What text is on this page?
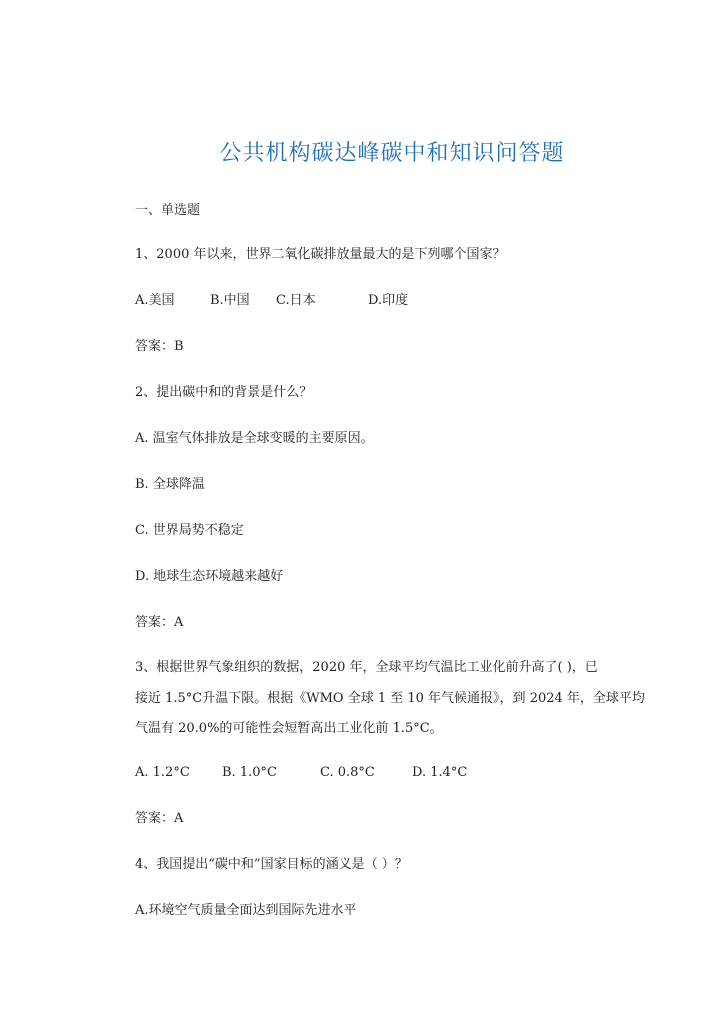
公共机构碳达峰碳中和知识问答题
一、单选题
1、2000 年以来，世界二氧化碳排放量最大的是下列哪个国家？
A.美国	B.中国 C.日本	D.印度
答案：B
2、提出碳中和的背景是什么？
A. 温室气体排放是全球变暖的主要原因。
B. 全球降温
C. 世界局势不稳定
D. 地球生态环境越来越好
答案：A
3、根据世界气象组织的数据，2020 年，全球平均气温比工业化前升高了( )，已
接近 1.5°C升温下限。根据《WMO 全球 1 至 10 年气候通报》，到 2024 年，全球平均
气温有 20.0%的可能性会短暂高出工业化前 1.5°C。
A. 1.2°C B. 1.0°C	C. 0.8°C	D. 1.4°C
答案：A
4、我国提出“碳中和”国家目标的涵义是（ ）？
A.环境空气质量全面达到国际先进水平
